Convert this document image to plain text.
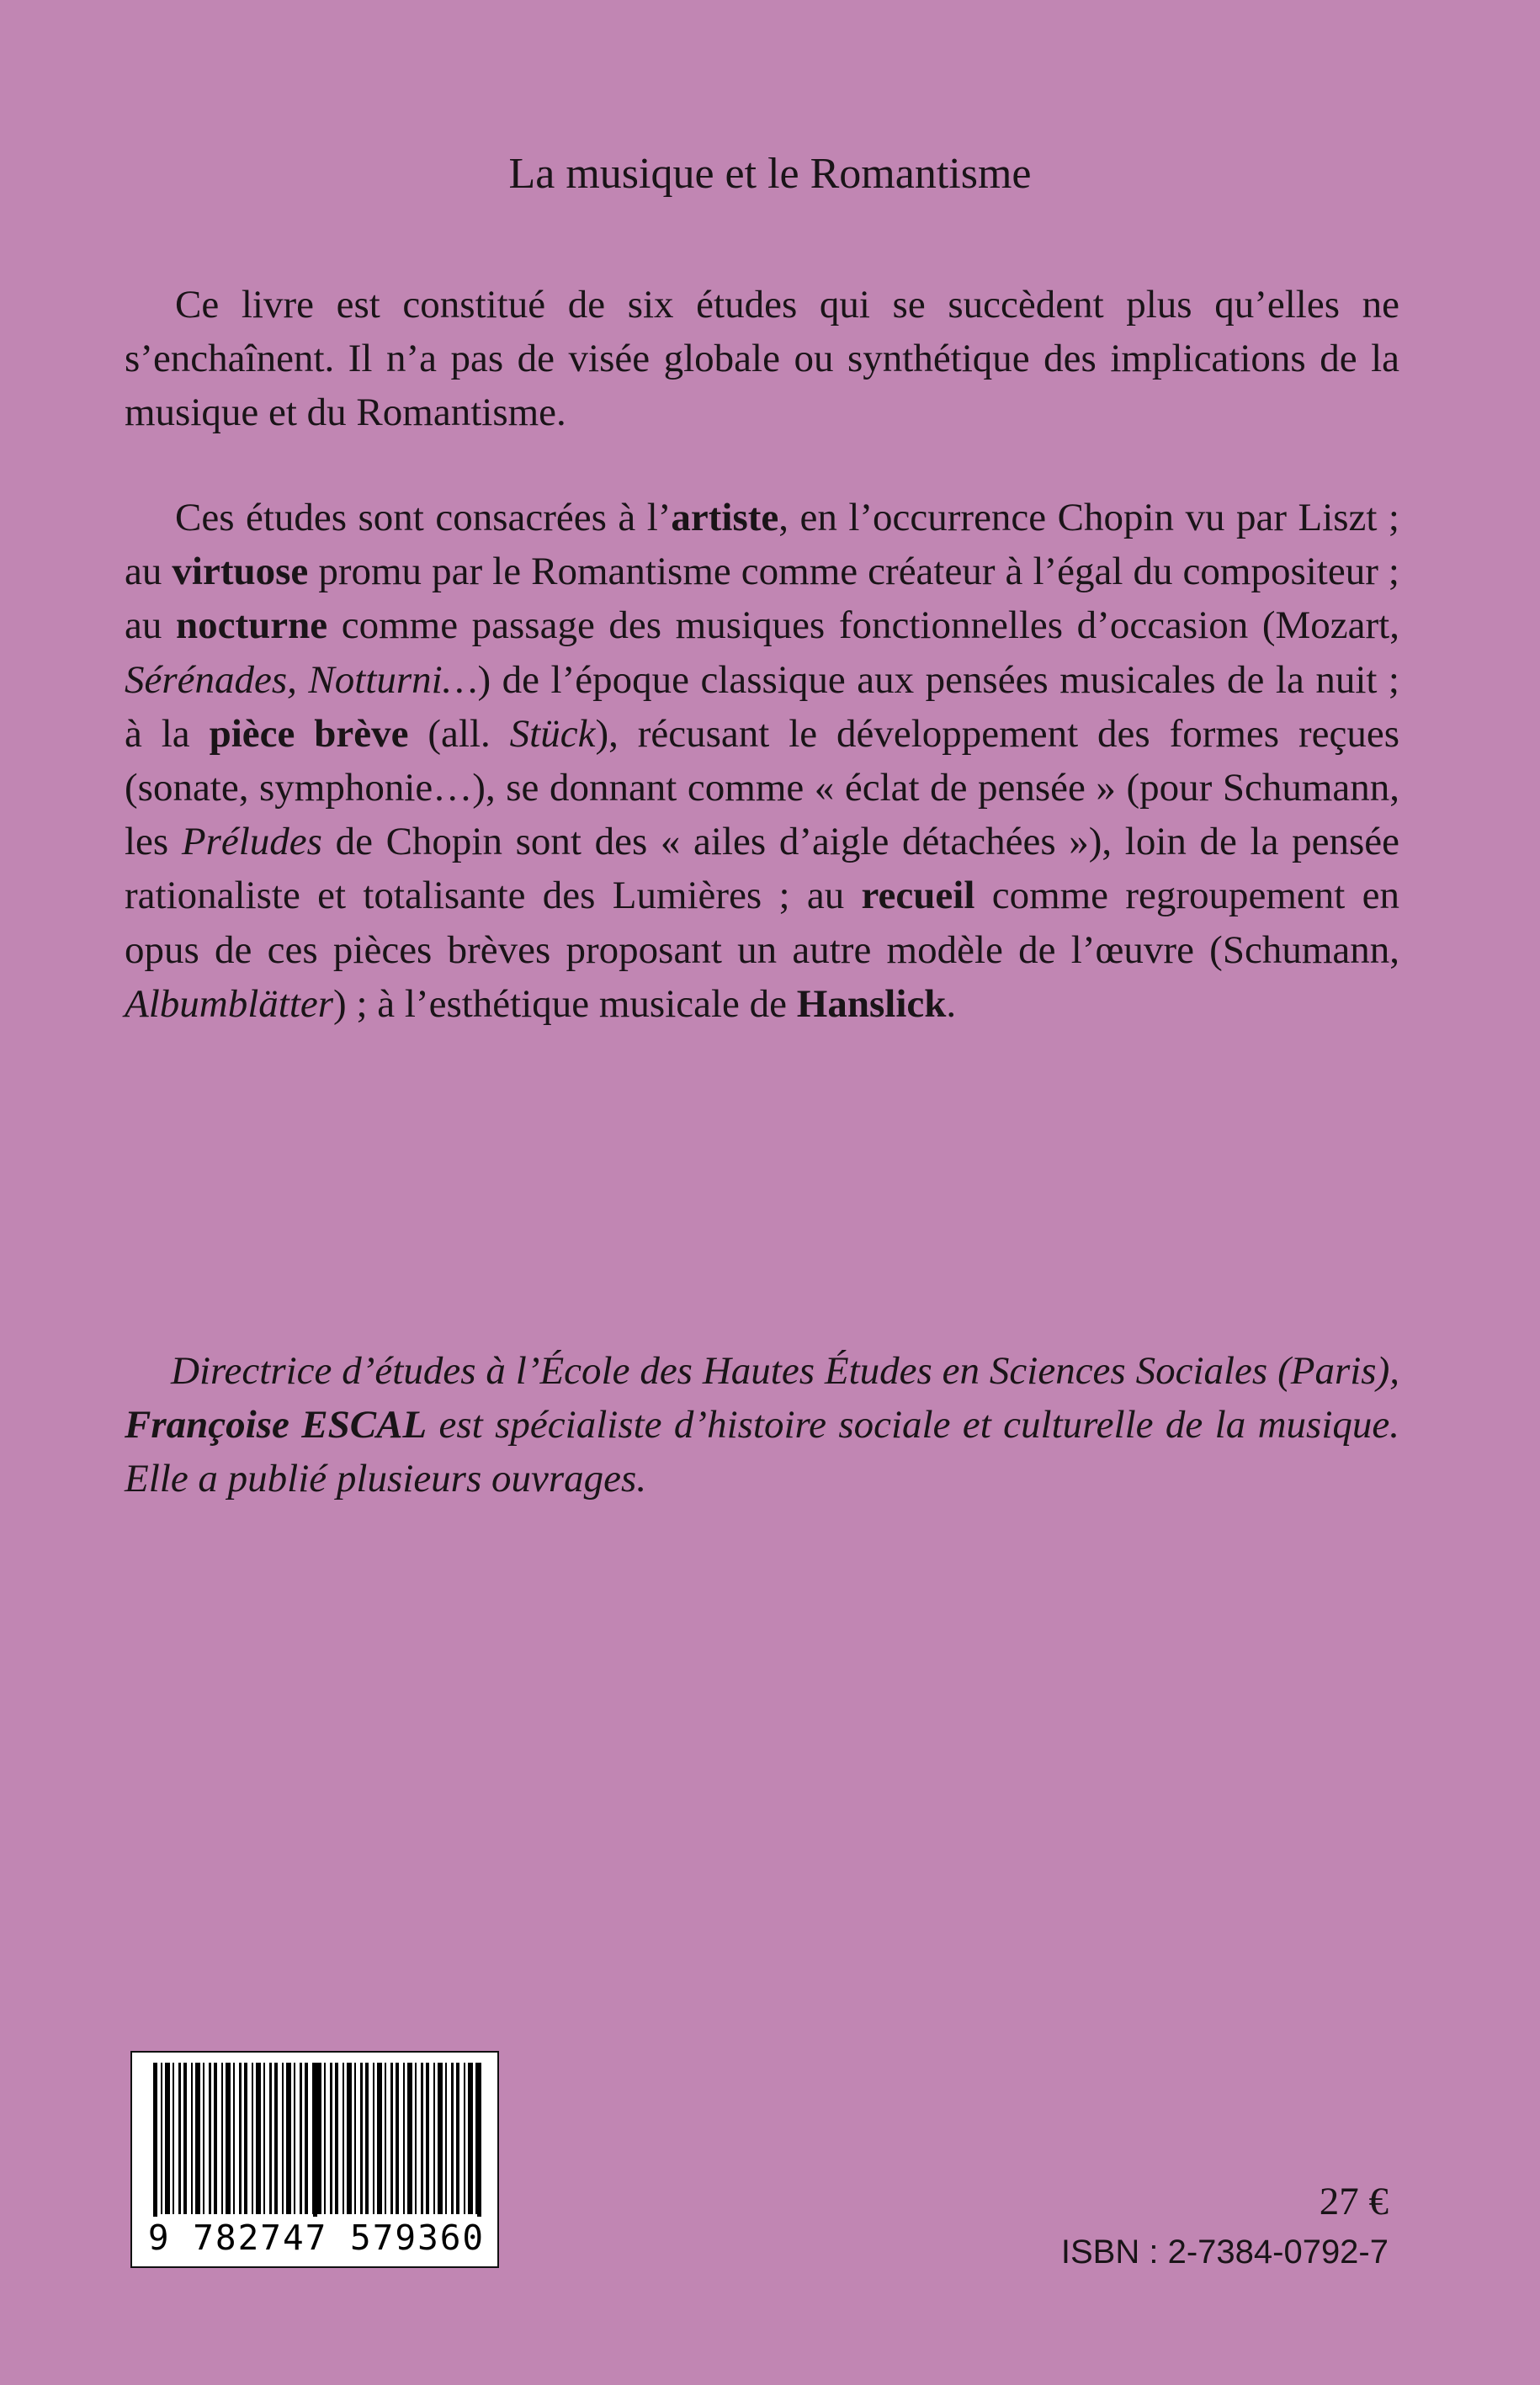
La musique et le Romantisme

Ce livre est constitué de six études qui se succèdent plus qu’elles ne s’enchaînent. Il n’a pas de visée globale ou synthétique des implications de la musique et du Romantisme.

Ces études sont consacrées à l’artiste, en l’occurrence Chopin vu par Liszt ; au virtuose promu par le Romantisme comme créateur à l’égal du compositeur ; au nocturne comme passage des musiques fonctionnelles d’occasion (Mozart, Sérénades, Notturni…) de l’époque classique aux pensées musicales de la nuit ; à la pièce brève (all. Stück), récusant le développement des formes reçues (sonate, symphonie…), se donnant comme « éclat de pensée » (pour Schumann, les Préludes de Chopin sont des « ailes d’aigle détachées »), loin de la pensée rationaliste et totalisante des Lumières ; au recueil comme regroupement en opus de ces pièces brèves proposant un autre modèle de l’œuvre (Schumann, Albumblätter) ; à l’esthétique musicale de Hanslick.

Directrice d’études à l’École des Hautes Études en Sciences Sociales (Paris), Françoise ESCAL est spécialiste d’histoire sociale et culturelle de la musique. Elle a publié plusieurs ouvrages.

9 782747 579360
27 €
ISBN : 2-7384-0792-7
